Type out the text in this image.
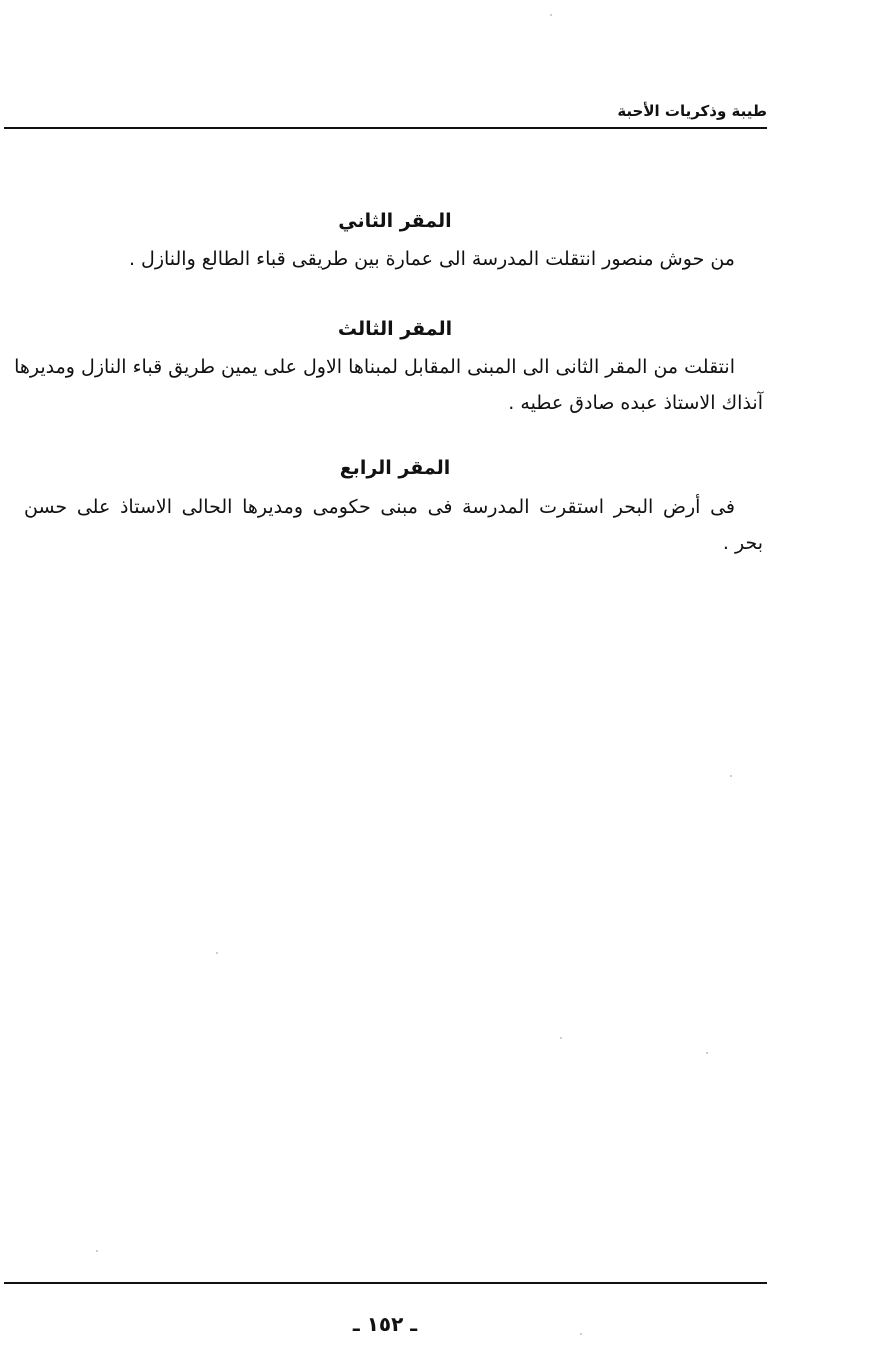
طيبة وذكريات الأحبة
المقر الثاني
من حوش منصور انتقلت المدرسة الى عمارة بين طريقى قباء الطالع والنازل .
المقر الثالث
انتقلت من المقر الثانى الى المبنى المقابل لمبناها الاول على يمين طريق قباء النازل ومديرها
آنذاك الاستاذ عبده صادق عطيه .
المقر الرابع
فى أرض البحر استقرت المدرسة فى مبنى حكومى ومديرها الحالى الاستاذ على حسن
بحر .
ـ ١٥٢ ـ
